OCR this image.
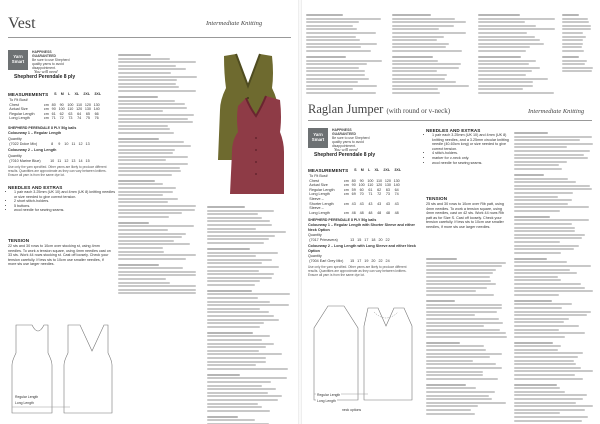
Vest	Intermediate Knitting
Yarn
Smart
HAPPINESS GUARANTEED
Be sure to use Shepherd quality yarns to avoid disappointment.
You will need
Shepherd Perendale 8 ply
MEASUREMENTS S	M	L	XL	2XL	3XL
To Fit Bust/							
Chest	cm	80	90	100	110	120	130
Actual Size	cm	90	100	110	120	130	140
Regular Length	cm	61	62	63	64	65	66
Long Length	cm	71	72	73	74	75	76
SHEPHERD PERENDALE 8 PLY 50g balls
Colourway 1 – Regular Length
Quantity
(7022 Dolce Mix)	8	9	10	11	12	13
Colourway 2 – Long Length
Quantity
(7010 Marine Blue)	10	11	12	13	14	15
Use only the yarn specified. Other yarns are likely to produce different results. Quantities are approximate as they can vary between knitters. Ensure all yarn is from the same dye lot.
NEEDLES AND EXTRAS
• 1 pair each 3.25mm (UK 10) and 4mm (UK 8) knitting needles or size needed to give correct tension.
• 2 short stitch-holders.
• 5 buttons.
• wool needle for sewing seams.
TENSION
22 sts and 30 rows to 10cm over stocking st, using 4mm needles. To work a tension square, using 4mm needles cast on 33 sts. Work 44 rows stocking st. Cast off loosely. Check your tension carefully. If less sts to 10cm use smaller needles, if more sts use larger needles.
Regular Length
Long Length
Raglan Jumper (with round or v-neck)	Intermediate Knitting
Yarn
Smart
HAPPINESS GUARANTEED
Be sure to use Shepherd quality yarns to avoid disappointment.
You will need
Shepherd Perendale 8 ply
MEASUREMENTS S	M	L	XL	2XL	3XL
To Fit Bust/							
Chest	cm	80	90	100	110	120	130
Actual Size	cm	90	100	110	120	130	140
Regular Length	cm	59	60	61	62	63	64
Long Length	cm	69	70	71	72	73	74
Sleeve –							
Shorter Length	cm	43	43	43	43	43	43
Sleeve –							
Long Length	cm	46	48	48	48	48	48
SHEPHERD PERENDALE 8 PLY 50g balls
Colourway 1 – Regular Length with Shorter Sleeve and either Neck Option
Quantity
(7017 Primavera)	13	15	17	18	20	22
Colourway 2 – Long Length with Long Sleeve and either Neck Option
Quantity
(7004 Earl Grey Mix)	15	17	19	20	22	24
Use only the yarn specified. Other yarns are likely to produce different results. Quantities are approximate as they can vary between knitters. Ensure all yarn is from the same dye lot.
Regular Length
Long Length
neck options
NEEDLES AND EXTRAS
• 1 pair each 3.25mm (UK 10) and 4mm (UK 8) knitting needles, and a 3.25mm circular knitting needle (40-60cm long) or size needed to give correct tension.
• 4 stitch-holders.
• marker for v-neck only.
• wool needle for sewing seams.
TENSION
25 sts and 30 rows to 10cm over Rib patt, using 4mm needles. To work a tension square, using 4mm needles, cast on 42 sts. Work 44 rows Rib patt as for Size S. Cast off loosely. Check your tension carefully. If less sts to 10cm use smaller needles, if more sts use larger needles.
